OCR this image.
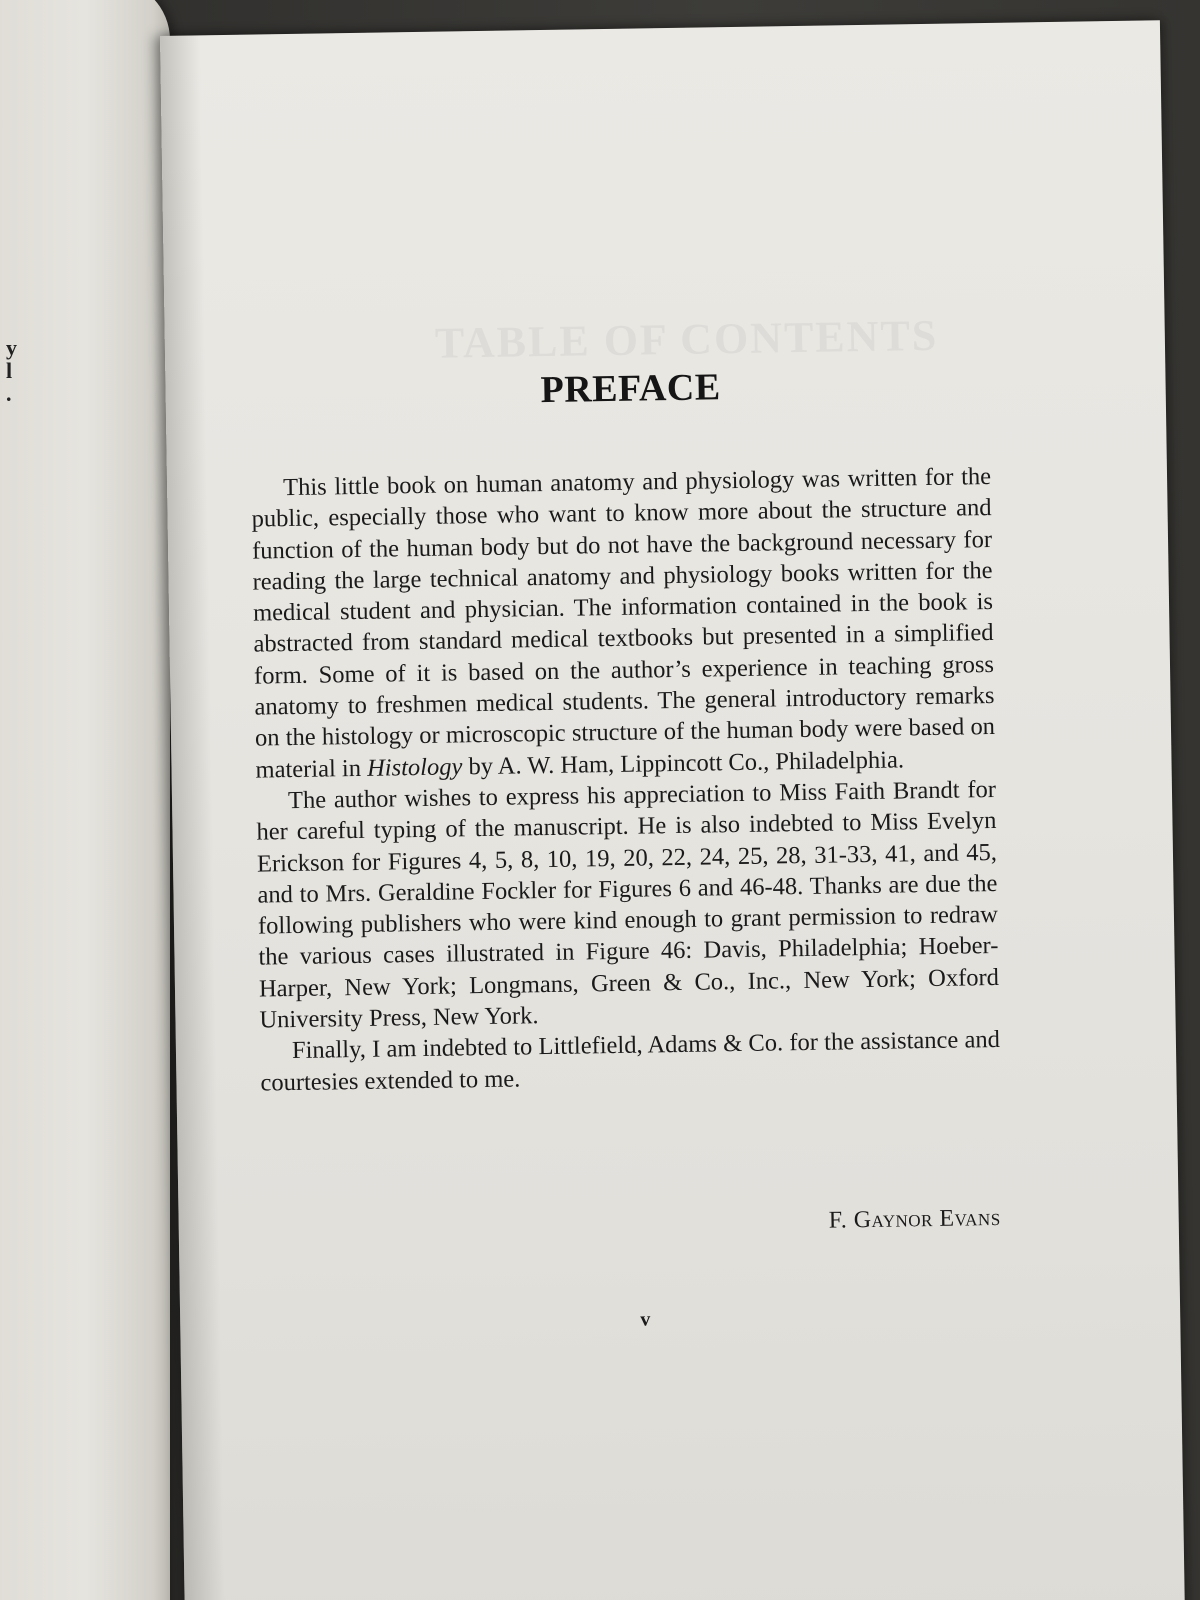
y
l
.
TABLE OF CONTENTS
PREFACE

This little book on human anatomy and physiology was written for the public, especially those who want to know more about the structure and function of the human body but do not have the background necessary for reading the large technical anatomy and physiology books written for the medical student and physician. The information contained in the book is abstracted from standard medical textbooks but presented in a simplified form. Some of it is based on the author’s experience in teaching gross anatomy to freshmen medical students. The general introductory remarks on the histology or microscopic structure of the human body were based on material in Histology by A. W. Ham, Lippincott Co., Philadelphia.

The author wishes to express his appreciation to Miss Faith Brandt for her careful typing of the manuscript. He is also indebted to Miss Evelyn Erickson for Figures 4, 5, 8, 10, 19, 20, 22, 24, 25, 28, 31-33, 41, and 45, and to Mrs. Geraldine Fockler for Figures 6 and 46-48. Thanks are due the following publishers who were kind enough to grant permission to redraw the various cases illustrated in Figure 46: Davis, Philadelphia; Hoeber-Harper, New York; Longmans, Green & Co., Inc., New York; Oxford University Press, New York.

Finally, I am indebted to Littlefield, Adams & Co. for the assistance and courtesies extended to me.

F. Gaynor Evans
v
